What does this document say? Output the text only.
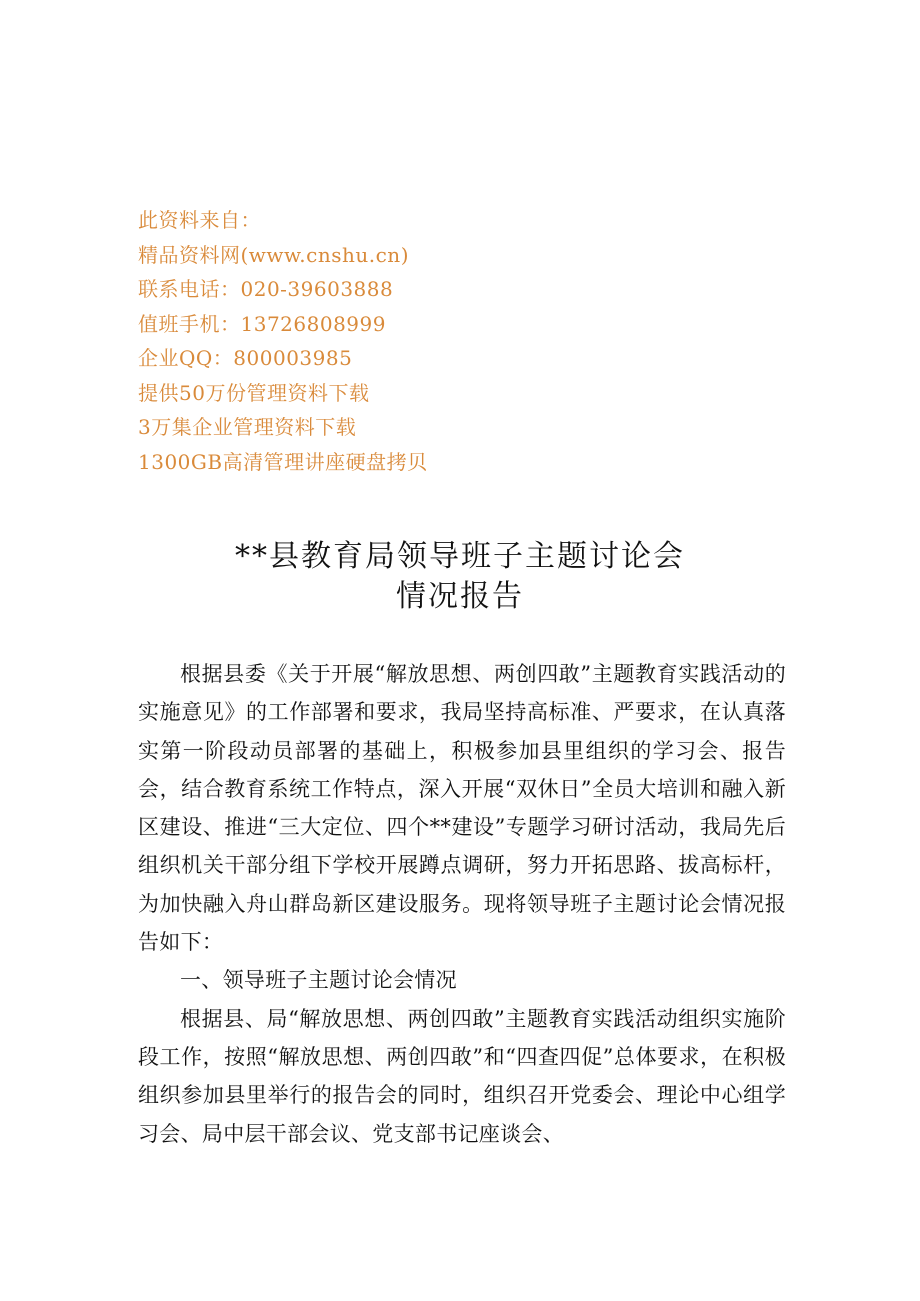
此资料来自：
精品资料网(www.cnshu.cn)
联系电话：020-39603888
值班手机：13726808999
企业QQ：800003985
提供50万份管理资料下载
3万集企业管理资料下载
1300GB高清管理讲座硬盘拷贝
**县教育局领导班子主题讨论会
情况报告

根据县委《关于开展“解放思想、两创四敢”主题教育实践活动的实施意见》的工作部署和要求，我局坚持高标准、严要求，在认真落实第一阶段动员部署的基础上，积极参加县里组织的学习会、报告会，结合教育系统工作特点，深入开展“双休日”全员大培训和融入新区建设、推进“三大定位、四个**建设”专题学习研讨活动，我局先后组织机关干部分组下学校开展蹲点调研，努力开拓思路、拔高标杆，为加快融入舟山群岛新区建设服务。现将领导班子主题讨论会情况报告如下：

一、领导班子主题讨论会情况

根据县、局“解放思想、两创四敢”主题教育实践活动组织实施阶段工作，按照“解放思想、两创四敢”和“四查四促”总体要求，在积极组织参加县里举行的报告会的同时，组织召开党委会、理论中心组学习会、局中层干部会议、党支部书记座谈会、
